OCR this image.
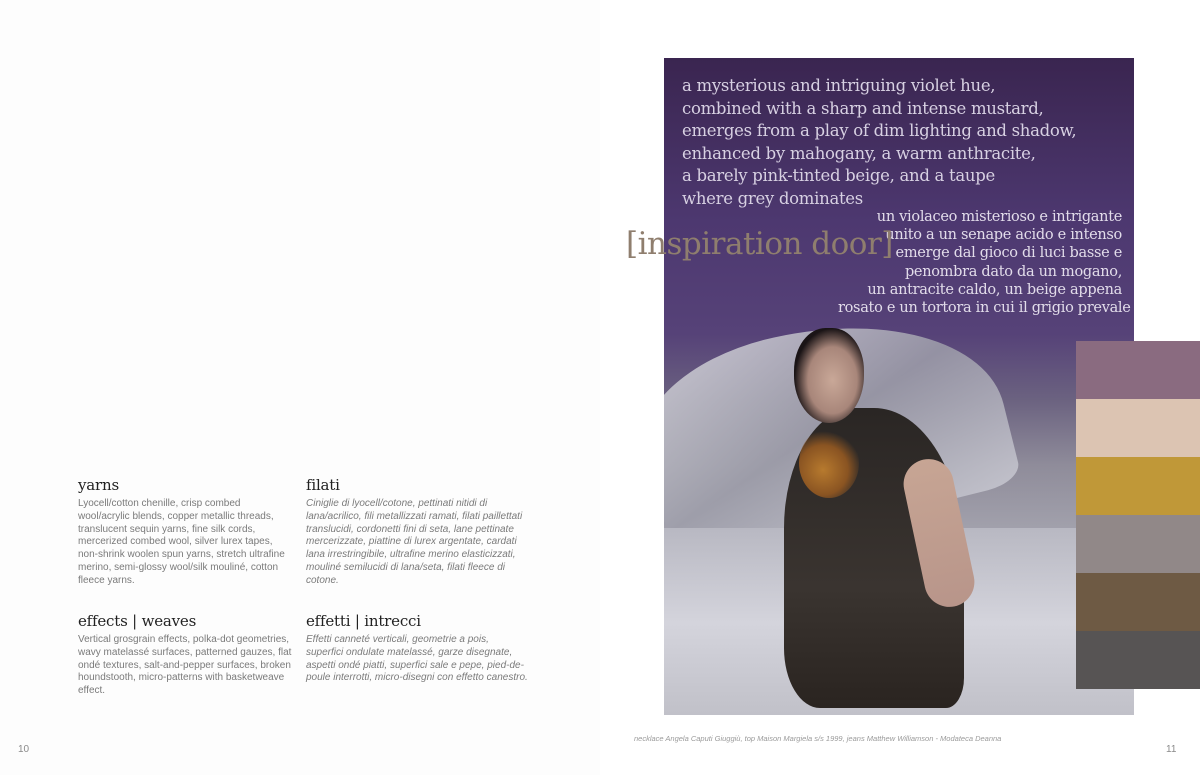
yarns

Lyocell/cotton chenille, crisp combed wool/acrylic blends, copper metallic threads, translucent sequin yarns, fine silk cords, mercerized combed wool, silver lurex tapes, non-shrink woolen spun yarns, stretch ultrafine merino, semi-glossy wool/silk mouliné, cotton fleece yarns.

filati

Ciniglie di lyocell/cotone, pettinati nitidi di lana/acrilico, fili metallizzati ramati, filati paillettati translucidi, cordonetti fini di seta, lane pettinate mercerizzate, piattine di lurex argentate, cardati lana irrestringibile, ultrafine merino elasticizzati, mouliné semilucidi di lana/seta, filati fleece di cotone.

effects | weaves

Vertical grosgrain effects, polka-dot geometries, wavy matelassé surfaces, patterned gauzes, flat ondé textures, salt-and-pepper surfaces, broken houndstooth, micro-patterns with basketweave effect.

effetti | intrecci

Effetti canneté verticali, geometrie a pois, superfici ondulate matelassé, garze disegnate, aspetti ondé piatti, superfici sale e pepe, pied-de-poule interrotti, micro-disegni con effetto canestro.

10
a mysterious and intriguing violet hue,
combined with a sharp and intense mustard,
emerges from a play of dim lighting and shadow,
enhanced by mahogany, a warm anthracite,
a barely pink-tinted beige, and a taupe
where grey dominates
un violaceo misterioso e intrigante
unito a un senape acido e intenso
emerge dal gioco di luci basse e
penombra dato da un mogano,
un antracite caldo, un beige appena
rosato e un tortora in cui il grigio prevale
[inspiration door]
necklace Angela Caputi Giuggiù, top Maison Margiela s/s 1999, jeans Matthew Williamson - Modateca Deanna
11
